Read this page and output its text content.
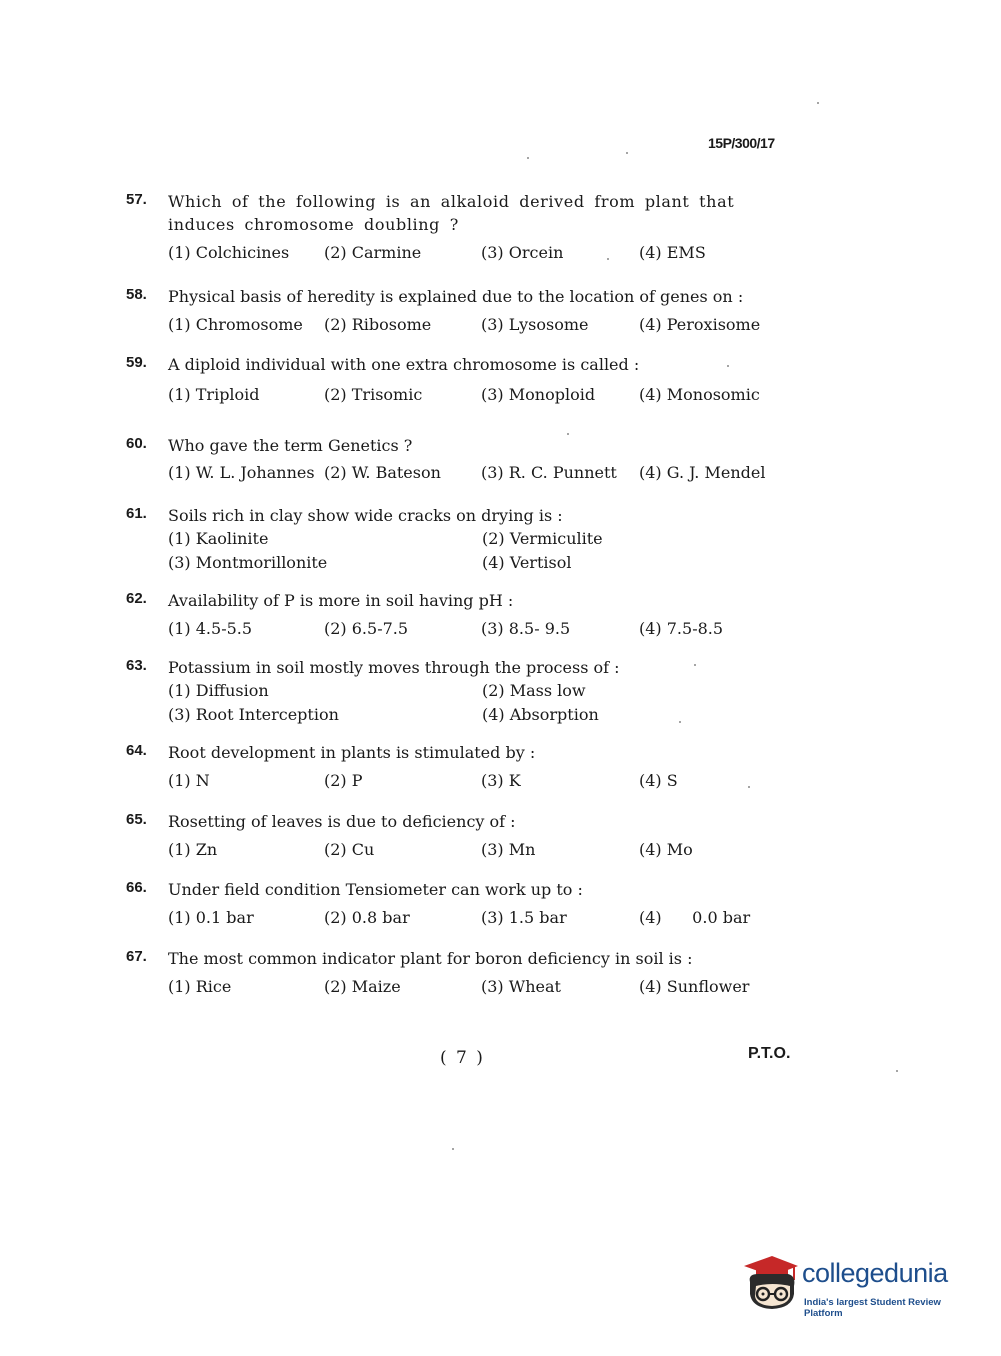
15P/300/17
57.	Which of the following is an alkaloid derived from plant that induces chromosome doubling ?
(1) Colchicines	(2) Carmine	(3) Orcein	(4) EMS
58.	Physical basis of heredity is explained due to the location of genes on :
(1) Chromosome	(2) Ribosome	(3) Lysosome	(4) Peroxisome
59.	A diploid individual with one extra chromosome is called :
(1) Triploid	(2) Trisomic	(3) Monoploid	(4) Monosomic
60.	Who gave the term Genetics ?
(1) W. L. Johannes (2) W. Bateson	(3) R. C. Punnett	(4) G. J. Mendel
61.	Soils rich in clay show wide cracks on drying is :
(1) Kaolinite	(2) Vermiculite
(3) Montmorillonite	(4) Vertisol
62.	Availability of P is more in soil having pH :
(1) 4.5-5.5	(2) 6.5-7.5	(3) 8.5- 9.5	(4) 7.5-8.5
63.	Potassium in soil mostly moves through the process of :
(1) Diffusion	(2) Mass low
(3) Root Interception	(4) Absorption
64.	Root development in plants is stimulated by :
(1) N	(2) P	(3) K	(4) S
65.	Rosetting of leaves is due to deficiency of :
(1) Zn	(2) Cu	(3) Mn	(4) Mo
66.	Under field condition Tensiometer can work up to :
(1) 0.1 bar	(2) 0.8 bar	(3) 1.5 bar	(4)      0.0 bar
67.	The most common indicator plant for boron deficiency in soil is :
(1) Rice	(2) Maize	(3) Wheat	(4) Sunflower
( 7 )	P.T.O.
collegedunia
India's largest Student Review Platform
